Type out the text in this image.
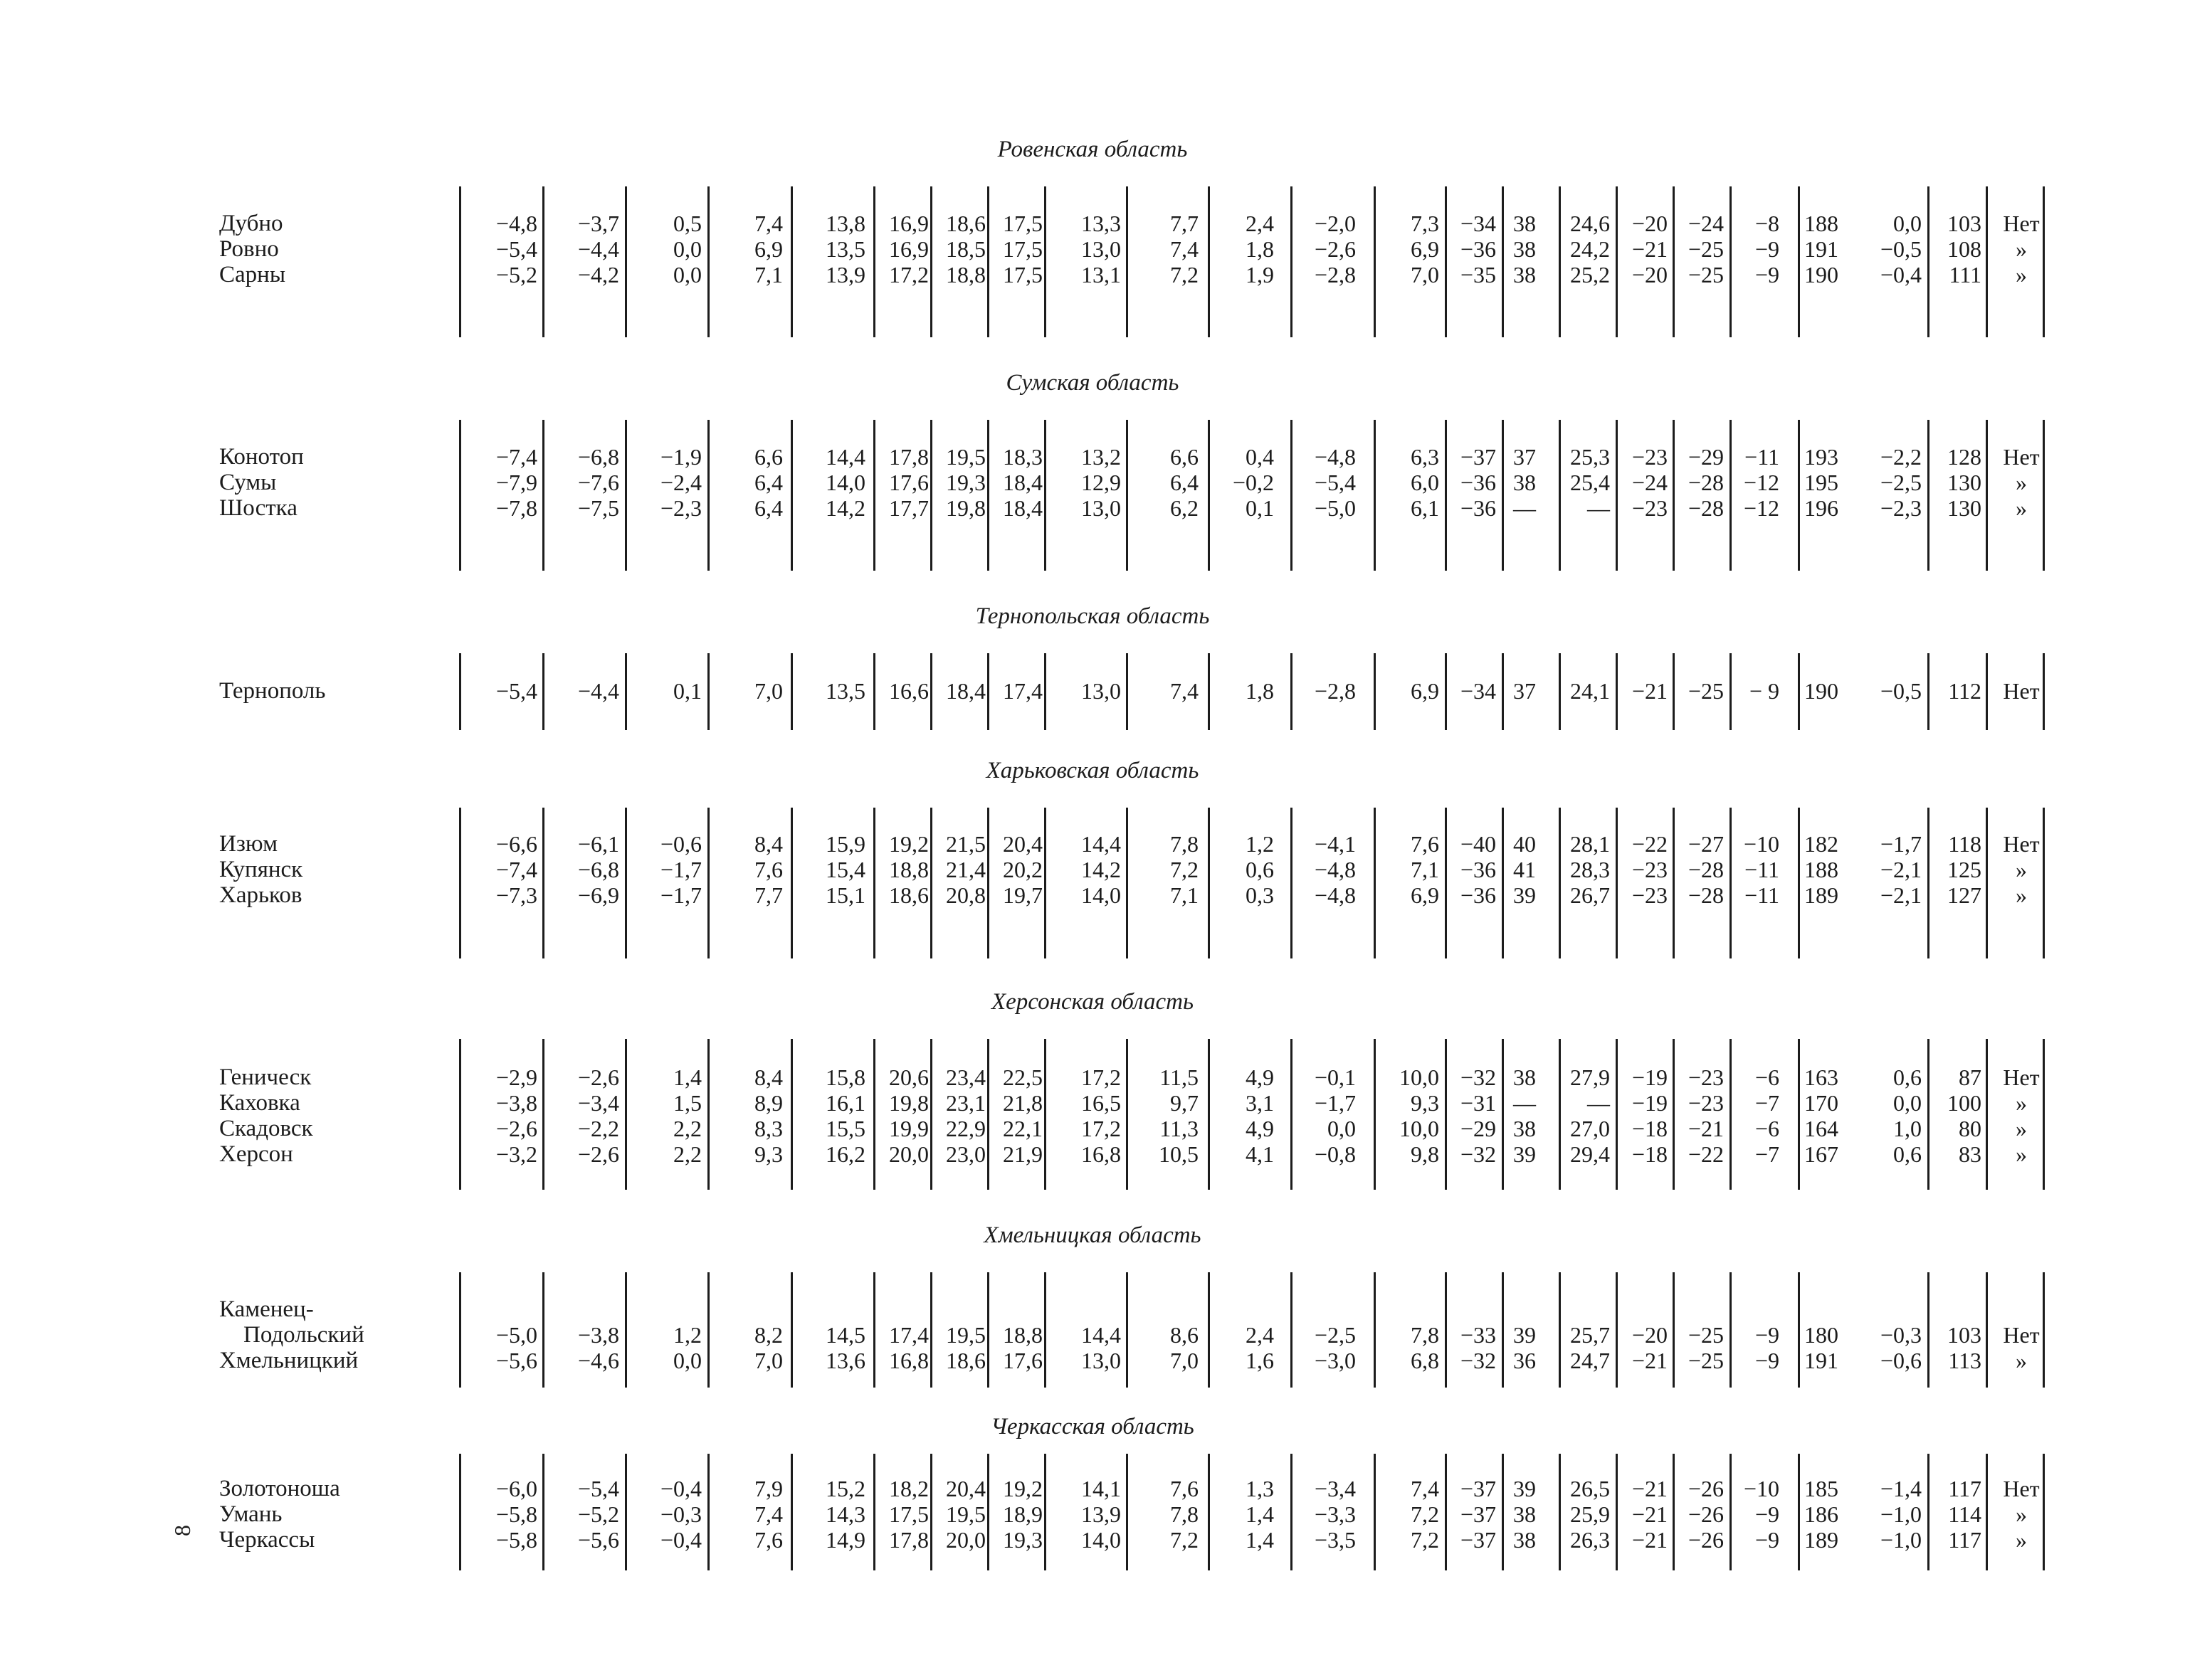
Ровенская область
Дубно	−4,8 −3,7 0,5 7,4 13,8 16,9 18,6 17,5 13,3 7,7 2,4 −2,0 7,3 −34 38 24,6 −20 −24 −8 188 0,0 103 Нет
Ровно	−5,4 −4,4 0,0 6,9 13,5 16,9 18,5 17,5 13,0 7,4 1,8 −2,6 6,9 −36 38 24,2 −21 −25 −9 191 −0,5 108	»
Сарны	−5,2 −4,2 0,0 7,1 13,9 17,2 18,8 17,5 13,1 7,2 1,9 −2,8 7,0 −35 38 25,2 −20 −25 −9 190 −0,4 111	»
Сумская область
Конотоп	−7,4 −6,8 −1,9 6,6 14,4 17,8 19,5 18,3 13,2 6,6 0,4 −4,8 6,3 −37 37 25,3 −23 −29 −11 193 −2,2 128 Нет
Сумы	−7,9 −7,6 −2,4 6,4 14,0 17,6 19,3 18,4 12,9 6,4 −0,2 −5,4 6,0 −36 38 25,4 −24 −28 −12 195 −2,5 130	»
Шостка	−7,8 −7,5 −2,3 6,4 14,2 17,7 19,8 18,4 13,0 6,2 0,1 −5,0 6,1 −36 — — −23 −28 −12 196 −2,3 130	»
Тернопольская область
Тернополь	−5,4 −4,4 0,1 7,0 13,5 16,6 18,4 17,4 13,0 7,4 1,8 −2,8 6,9 −34 37 24,1 −21 −25 − 9 190 −0,5 112 Нет
Харьковская область
Изюм	−6,6 −6,1 −0,6 8,4 15,9 19,2 21,5 20,4 14,4 7,8 1,2 −4,1 7,6 −40 40 28,1 −22 −27 −10 182 −1,7 118 Нет
Купянск	−7,4 −6,8 −1,7 7,6 15,4 18,8 21,4 20,2 14,2 7,2 0,6 −4,8 7,1 −36 41 28,3 −23 −28 −11 188 −2,1 125	»
Харьков	−7,3 −6,9 −1,7 7,7 15,1 18,6 20,8 19,7 14,0 7,1 0,3 −4,8 6,9 −36 39 26,7 −23 −28 −11 189 −2,1 127	»
Херсонская область
Геническ	−2,9 −2,6 1,4 8,4 15,8 20,6 23,4 22,5 17,2 11,5 4,9 −0,1 10,0 −32 38 27,9 −19 −23 −6 163 0,6 87 Нет
Каховка	−3,8 −3,4 1,5 8,9 16,1 19,8 23,1 21,8 16,5 9,7 3,1 −1,7 9,3 −31 — — −19 −23 −7 170 0,0 100	»
Скадовск	−2,6 −2,2 2,2 8,3 15,5 19,9 22,9 22,1 17,2 11,3 4,9 0,0 10,0 −29 38 27,0 −18 −21 −6 164 1,0 80	»
Херсон	−3,2 −2,6 2,2 9,3 16,2 20,0 23,0 21,9 16,8 10,5 4,1 −0,8 9,8 −32 39 29,4 −18 −22 −7 167 0,6 83	»
Хмельницкая область
Каменец-
Подольский	−5,0 −3,8 1,2 8,2 14,5 17,4 19,5 18,8 14,4 8,6 2,4 −2,5 7,8 −33 39 25,7 −20 −25 −9 180 −0,3 103 Нет
Хмельницкий	−5,6 −4,6 0,0 7,0 13,6 16,8 18,6 17,6 13,0 7,0 1,6 −3,0 6,8 −32 36 24,7 −21 −25 −9 191 −0,6 113	»
Черкасская область
Золотоноша	−6,0 −5,4 −0,4 7,9 15,2 18,2 20,4 19,2 14,1 7,6 1,3 −3,4 7,4 −37 39 26,5 −21 −26 −10 185 −1,4 117 Нет
Умань	−5,8 −5,2 −0,3 7,4 14,3 17,5 19,5 18,9 13,9 7,8 1,4 −3,3 7,2 −37 38 25,9 −21 −26 −9 186 −1,0 114	»
Черкассы	−5,8 −5,6 −0,4 7,6 14,9 17,8 20,0 19,3 14,0 7,2 1,4 −3,5 7,2 −37 38 26,3 −21 −26 −9 189 −1,0 117	»
8
